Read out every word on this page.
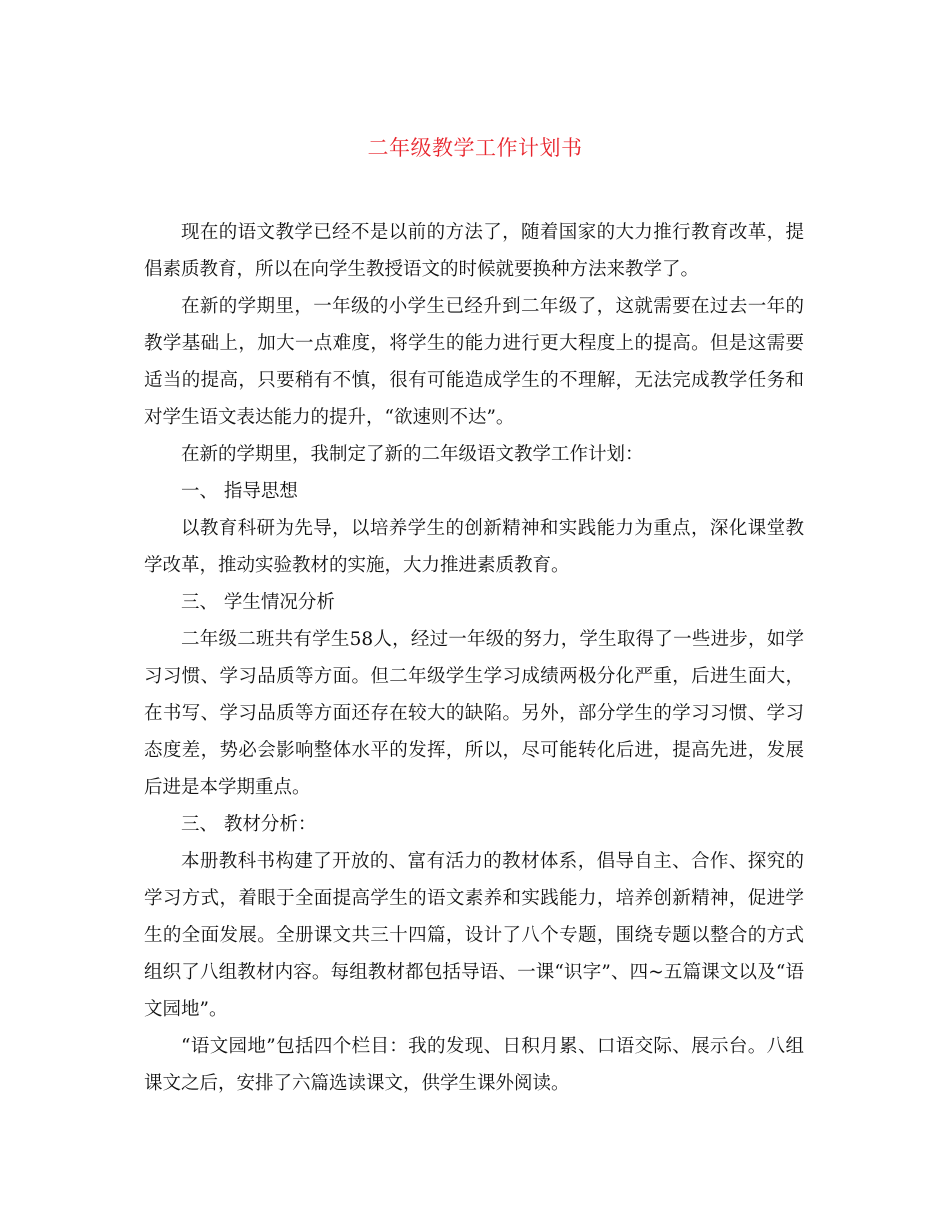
二年级教学工作计划书

现在的语文教学已经不是以前的方法了，随着国家的大力推行教育改革，提倡素质教育，所以在向学生教授语文的时候就要换种方法来教学了。

在新的学期里，一年级的小学生已经升到二年级了，这就需要在过去一年的教学基础上，加大一点难度，将学生的能力进行更大程度上的提高。但是这需要适当的提高，只要稍有不慎，很有可能造成学生的不理解，无法完成教学任务和对学生语文表达能力的提升，“欲速则不达”。

在新的学期里，我制定了新的二年级语文教学工作计划：

一、 指导思想

以教育科研为先导，以培养学生的创新精神和实践能力为重点，深化课堂教学改革，推动实验教材的实施，大力推进素质教育。

三、 学生情况分析

二年级二班共有学生58人，经过一年级的努力，学生取得了一些进步，如学习习惯、学习品质等方面。但二年级学生学习成绩两极分化严重，后进生面大，在书写、学习品质等方面还存在较大的缺陷。另外，部分学生的学习习惯、学习态度差，势必会影响整体水平的发挥，所以，尽可能转化后进，提高先进，发展后进是本学期重点。

三、 教材分析：

本册教科书构建了开放的、富有活力的教材体系，倡导自主、合作、探究的学习方式，着眼于全面提高学生的语文素养和实践能力，培养创新精神，促进学生的全面发展。全册课文共三十四篇，设计了八个专题，围绕专题以整合的方式组织了八组教材内容。每组教材都包括导语、一课“识字”、四~五篇课文以及“语文园地”。

“语文园地”包括四个栏目：我的发现、日积月累、口语交际、展示台。八组课文之后，安排了六篇选读课文，供学生课外阅读。
